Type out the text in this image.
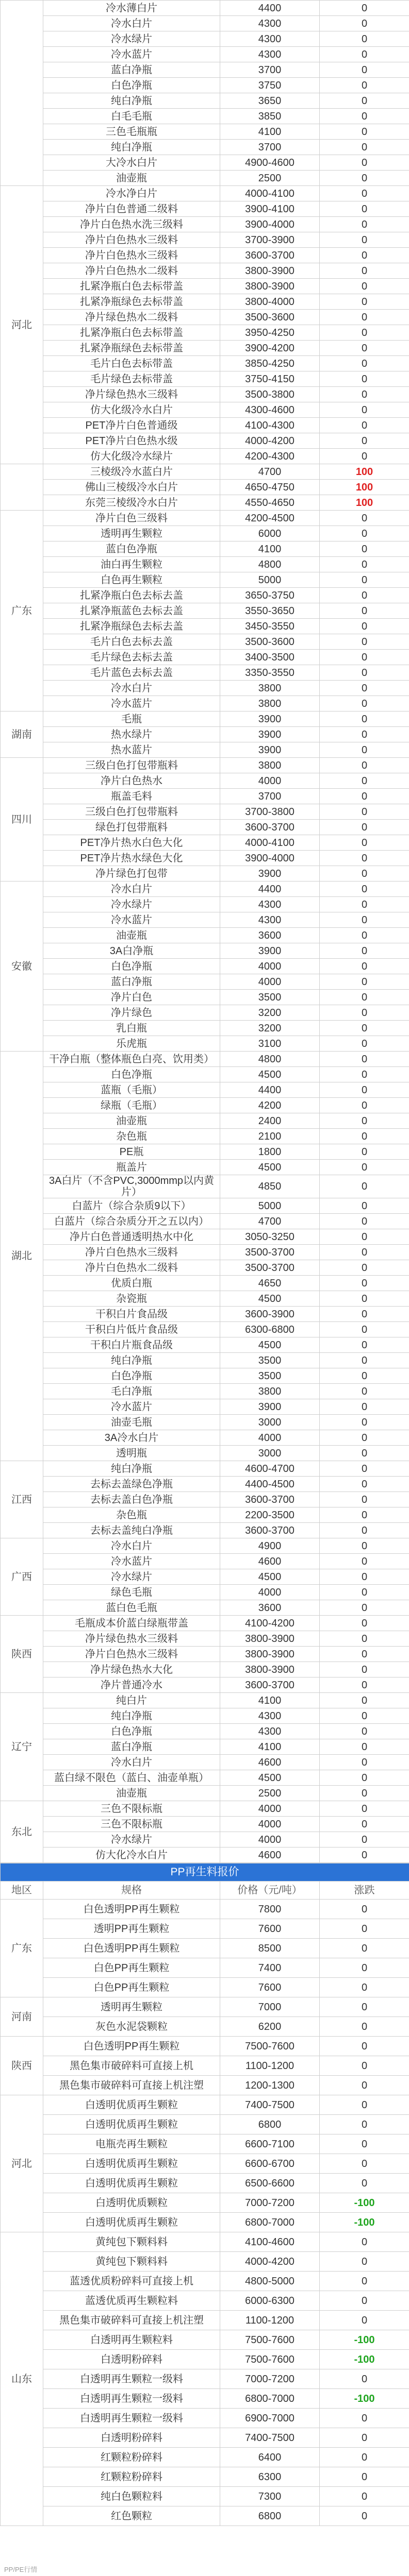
	冷水薄白片	4400	0
	冷水白片	4300	0
	冷水绿片	4300	0
	冷水蓝片	4300	0
	蓝白净瓶	3700	0
	白色净瓶	3750	0
	纯白净瓶	3650	0
	白毛毛瓶	3850	0
	三色毛瓶瓶	4100	0
	纯白净瓶	3700	0
	大冷水白片	4900-4600	0
	油壶瓶	2500	0
河北	冷水净白片	4000-4100	0
	净片白色普通二级料	3900-4100	0
	净片白色热水洗三级料	3900-4000	0
	净片白色热水三级料	3700-3900	0
	净片白色热水三级料	3600-3700	0
	净片白色热水二级料	3800-3900	0
	扎紧净瓶白色去标带盖	3800-3900	0
	扎紧净瓶绿色去标带盖	3800-4000	0
	净片绿色热水二级料	3500-3600	0
	扎紧净瓶白色去标带盖	3950-4250	0
	扎紧净瓶绿色去标带盖	3900-4200	0
	毛片白色去标带盖	3850-4250	0
	毛片绿色去标带盖	3750-4150	0
	净片绿色热水三级料	3500-3800	0
	仿大化级冷水白片	4300-4600	0
	PET净片白色普通级	4100-4300	0
	PET净片白色热水级	4000-4200	0
	仿大化级冷水绿片	4200-4300	0
	三棱级冷水蓝白片	4700	100
	佛山三棱级冷水白片	4650-4750	100
	东莞三棱级冷水白片	4550-4650	100
广东	净片白色三级料	4200-4500	0
	透明再生颗粒	6000	0
	蓝白色净瓶	4100	0
	油白再生颗粒	4800	0
	白色再生颗粒	5000	0
	扎紧净瓶白色去标去盖	3650-3750	0
	扎紧净瓶蓝色去标去盖	3550-3650	0
	扎紧净瓶绿色去标去盖	3450-3550	0
	毛片白色去标去盖	3500-3600	0
	毛片绿色去标去盖	3400-3500	0
	毛片蓝色去标去盖	3350-3550	0
	冷水白片	3800	0
	冷水蓝片	3800	0
湖南	毛瓶	3900	0
	热水绿片	3900	0
	热水蓝片	3900	0
四川	三级白色打包带瓶料	3800	0
	净片白色热水	4000	0
	瓶盖毛料	3700	0
	三级白色打包带瓶料	3700-3800	0
	绿色打包带瓶料	3600-3700	0
	PET净片热水白色大化	4000-4100	0
	PET净片热水绿色大化	3900-4000	0
	净片绿色打包带	3900	0
安徽	冷水白片	4400	0
	冷水绿片	4300	0
	冷水蓝片	4300	0
	油壶瓶	3600	0
	3A白净瓶	3900	0
	白色净瓶	4000	0
	蓝白净瓶	4000	0
	净片白色	3500	0
	净片绿色	3200	0
	乳白瓶	3200	0
	乐虎瓶	3100	0
湖北	干净白瓶（整体瓶色白亮、饮用类）	4800	0
	白色净瓶	4500	0
	蓝瓶（毛瓶）	4400	0
	绿瓶（毛瓶）	4200	0
	油壶瓶	2400	0
	杂色瓶	2100	0
	PE瓶	1800	0
	瓶盖片	4500	0
	3A白片（不含PVC,3000mmp以内黄片）	4850	0
	白蓝片（综合杂质9以下）	5000	0
	白蓝片（综合杂质分开之五以内）	4700	0
	净片白色普通透明热水中化	3050-3250	0
	净片白色热水三级料	3500-3700	0
	净片白色热水二级料	3500-3700	0
	优质白瓶	4650	0
	杂瓷瓶	4500	0
	干积白片食品级	3600-3900	0
	干积白片低片食品级	6300-6800	0
	干积白片瓶食品级	4500	0
	纯白净瓶	3500	0
	白色净瓶	3500	0
	毛白净瓶	3800	0
	冷水蓝片	3900	0
	油壶毛瓶	3000	0
	3A冷水白片	4000	0
	透明瓶	3000	0
江西	纯白净瓶	4600-4700	0
	去标去盖绿色净瓶	4400-4500	0
	去标去盖白色净瓶	3600-3700	0
	杂色瓶	2200-3500	0
	去标去盖纯白净瓶	3600-3700	0
广西	冷水白片	4900	0
	冷水蓝片	4600	0
	冷水绿片	4500	0
	绿色毛瓶	4000	0
	蓝白色毛瓶	3600	0
陕西	毛瓶成本价蓝白绿瓶带盖	4100-4200	0
	净片绿色热水三级料	3800-3900	0
	净片白色热水三级料	3800-3900	0
	净片绿色热水大化	3800-3900	0
	净片普通冷水	3600-3700	0
辽宁	纯白片	4100	0
	纯白净瓶	4300	0
	白色净瓶	4300	0
	蓝白净瓶	4100	0
	冷水白片	4600	0
	蓝白绿不限色（蓝白、油壶单瓶）	4500	0
	油壶瓶	2500	0
东北	三色不限标瓶	4000	0
	三色不限标瓶	4000	0
	冷水绿片	4000	0
	仿大化冷水白片	4600	0
PP再生料报价			
地区	规格	价格（元/吨）	涨跌
广东	白色透明PP再生颗粒	7800	0
	透明PP再生颗粒	7600	0
	白色透明PP再生颗粒	8500	0
	白色PP再生颗粒	7400	0
	白色PP再生颗粒	7600	0
河南	透明再生颗粒	7000	0
	灰色水泥袋颗粒	6200	0
陕西	白色透明PP再生颗粒	7500-7600	0
	黑色集市破碎料可直接上机	1100-1200	0
	黑色集市破碎料可直接上机注塑	1200-1300	0
河北	白透明优质再生颗粒	7400-7500	0
	白透明优质再生颗粒	6800	0
	电瓶壳再生颗粒	6600-7100	0
	白透明优质再生颗粒	6600-6700	0
	白透明优质再生颗粒	6500-6600	0
	白透明优质颗粒	7000-7200	-100
	白透明优质再生颗粒	6800-7000	-100
山东	黄纯包下颗料料	4100-4600	0
	黄纯包下颗料料	4000-4200	0
	蓝透优质粉碎料可直接上机	4800-5000	0
	蓝透优质再生颗粒料	6000-6300	0
	黑色集市破碎料可直接上机注塑	1100-1200	0
	白透明再生颗粒料	7500-7600	-100
	白透明粉碎料	7500-7600	-100
	白透明再生颗粒一级料	7000-7200	0
	白透明再生颗粒一级料	6800-7000	-100
	白透明再生颗粒一级料	6900-7000	0
	白透明粉碎料	7400-7500	0
	红颗粒粉碎料	6400	0
	红颗粒粉碎料	6300	0
	纯白色颗粒料	7300	0
	红色颗粒	6800	0
PP/PE行情
